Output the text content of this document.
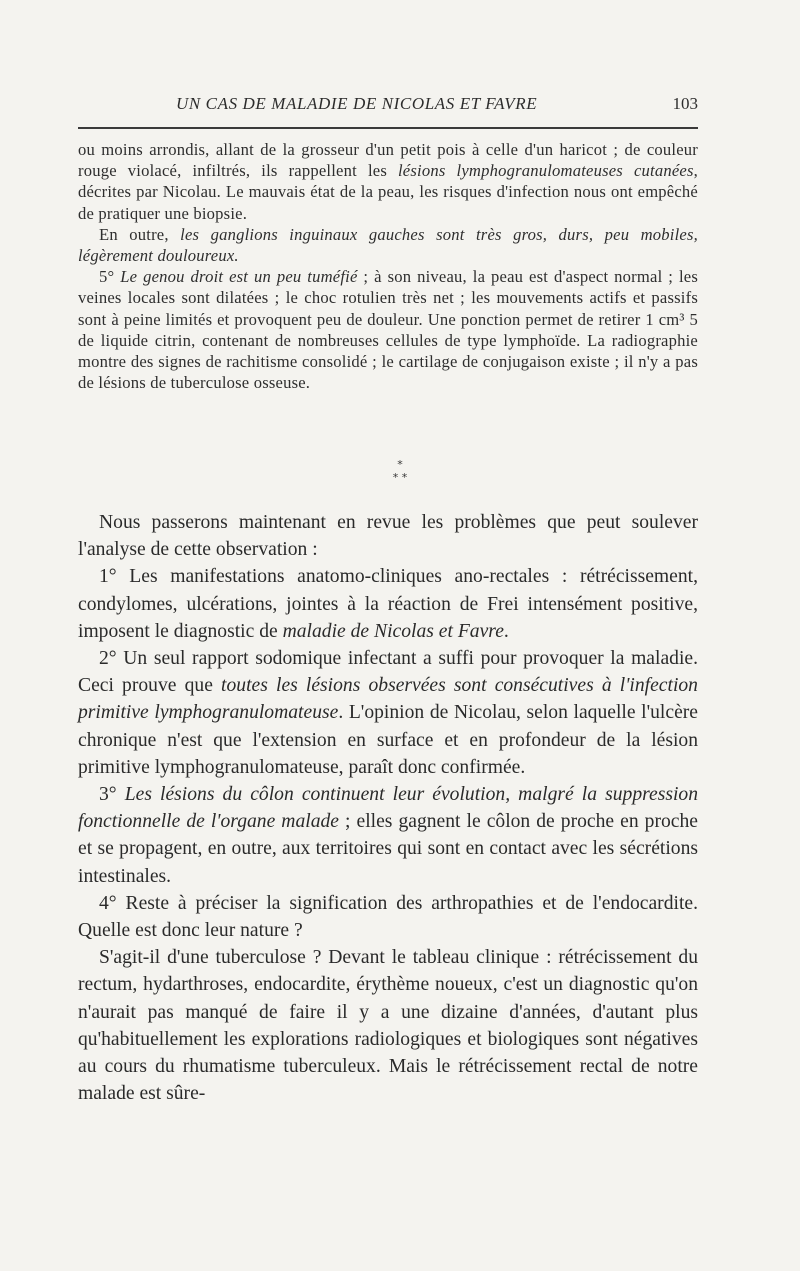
UN CAS DE MALADIE DE NICOLAS ET FAVRE	103

ou moins arrondis, allant de la grosseur d'un petit pois à celle d'un haricot ; de couleur rouge violacé, infiltrés, ils rappellent les lésions lymphogranulomateuses cutanées, décrites par Nicolau. Le mauvais état de la peau, les risques d'infection nous ont empêché de pratiquer une biopsie.

En outre, les ganglions inguinaux gauches sont très gros, durs, peu mobiles, légèrement douloureux.

5° Le genou droit est un peu tuméfié ; à son niveau, la peau est d'aspect normal ; les veines locales sont dilatées ; le choc rotulien très net ; les mouvements actifs et passifs sont à peine limités et provoquent peu de douleur. Une ponction permet de retirer 1 cm³ 5 de liquide citrin, contenant de nombreuses cellules de type lymphoïde. La radiographie montre des signes de rachitisme consolidé ; le cartilage de conjugaison existe ; il n'y a pas de lésions de tuberculose osseuse.

*
* *

Nous passerons maintenant en revue les problèmes que peut soulever l'analyse de cette observation :

1° Les manifestations anatomo-cliniques ano-rectales : rétrécissement, condylomes, ulcérations, jointes à la réaction de Frei intensément positive, imposent le diagnostic de maladie de Nicolas et Favre.

2° Un seul rapport sodomique infectant a suffi pour provoquer la maladie. Ceci prouve que toutes les lésions observées sont consécutives à l'infection primitive lymphogranulomateuse. L'opinion de Nicolau, selon laquelle l'ulcère chronique n'est que l'extension en surface et en profondeur de la lésion primitive lymphogranulomateuse, paraît donc confirmée.

3° Les lésions du côlon continuent leur évolution, malgré la suppression fonctionnelle de l'organe malade ; elles gagnent le côlon de proche en proche et se propagent, en outre, aux territoires qui sont en contact avec les sécrétions intestinales.

4° Reste à préciser la signification des arthropathies et de l'endocardite. Quelle est donc leur nature ?

S'agit-il d'une tuberculose ? Devant le tableau clinique : rétrécissement du rectum, hydarthroses, endocardite, érythème noueux, c'est un diagnostic qu'on n'aurait pas manqué de faire il y a une dizaine d'années, d'autant plus qu'habituellement les explorations radiologiques et biologiques sont négatives au cours du rhumatisme tuberculeux. Mais le rétrécissement rectal de notre malade est sûre-
